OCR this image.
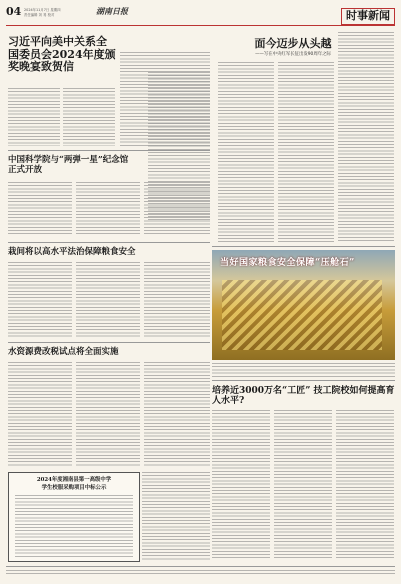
04 2024年11月7日 星期四
责任编辑 刘 易 校对	湖南日报	时事新闻
习近平向美中关系全国委员会2024年度颁奖晚宴致贺信
中国科学院与“两弹一星”纪念馆正式开放
面今迈步从头越
——写在中央红军长征出发90周年之际
当好国家粮食安全保障“压舱石”
栽间将以高水平法治保障粮食安全
水资源费改税试点将全面实施
2024年度湘南县第一高级中学
学生校服采购项目中标公示
培养近3000万名“工匠” 技工院校如何提高育人水平?
